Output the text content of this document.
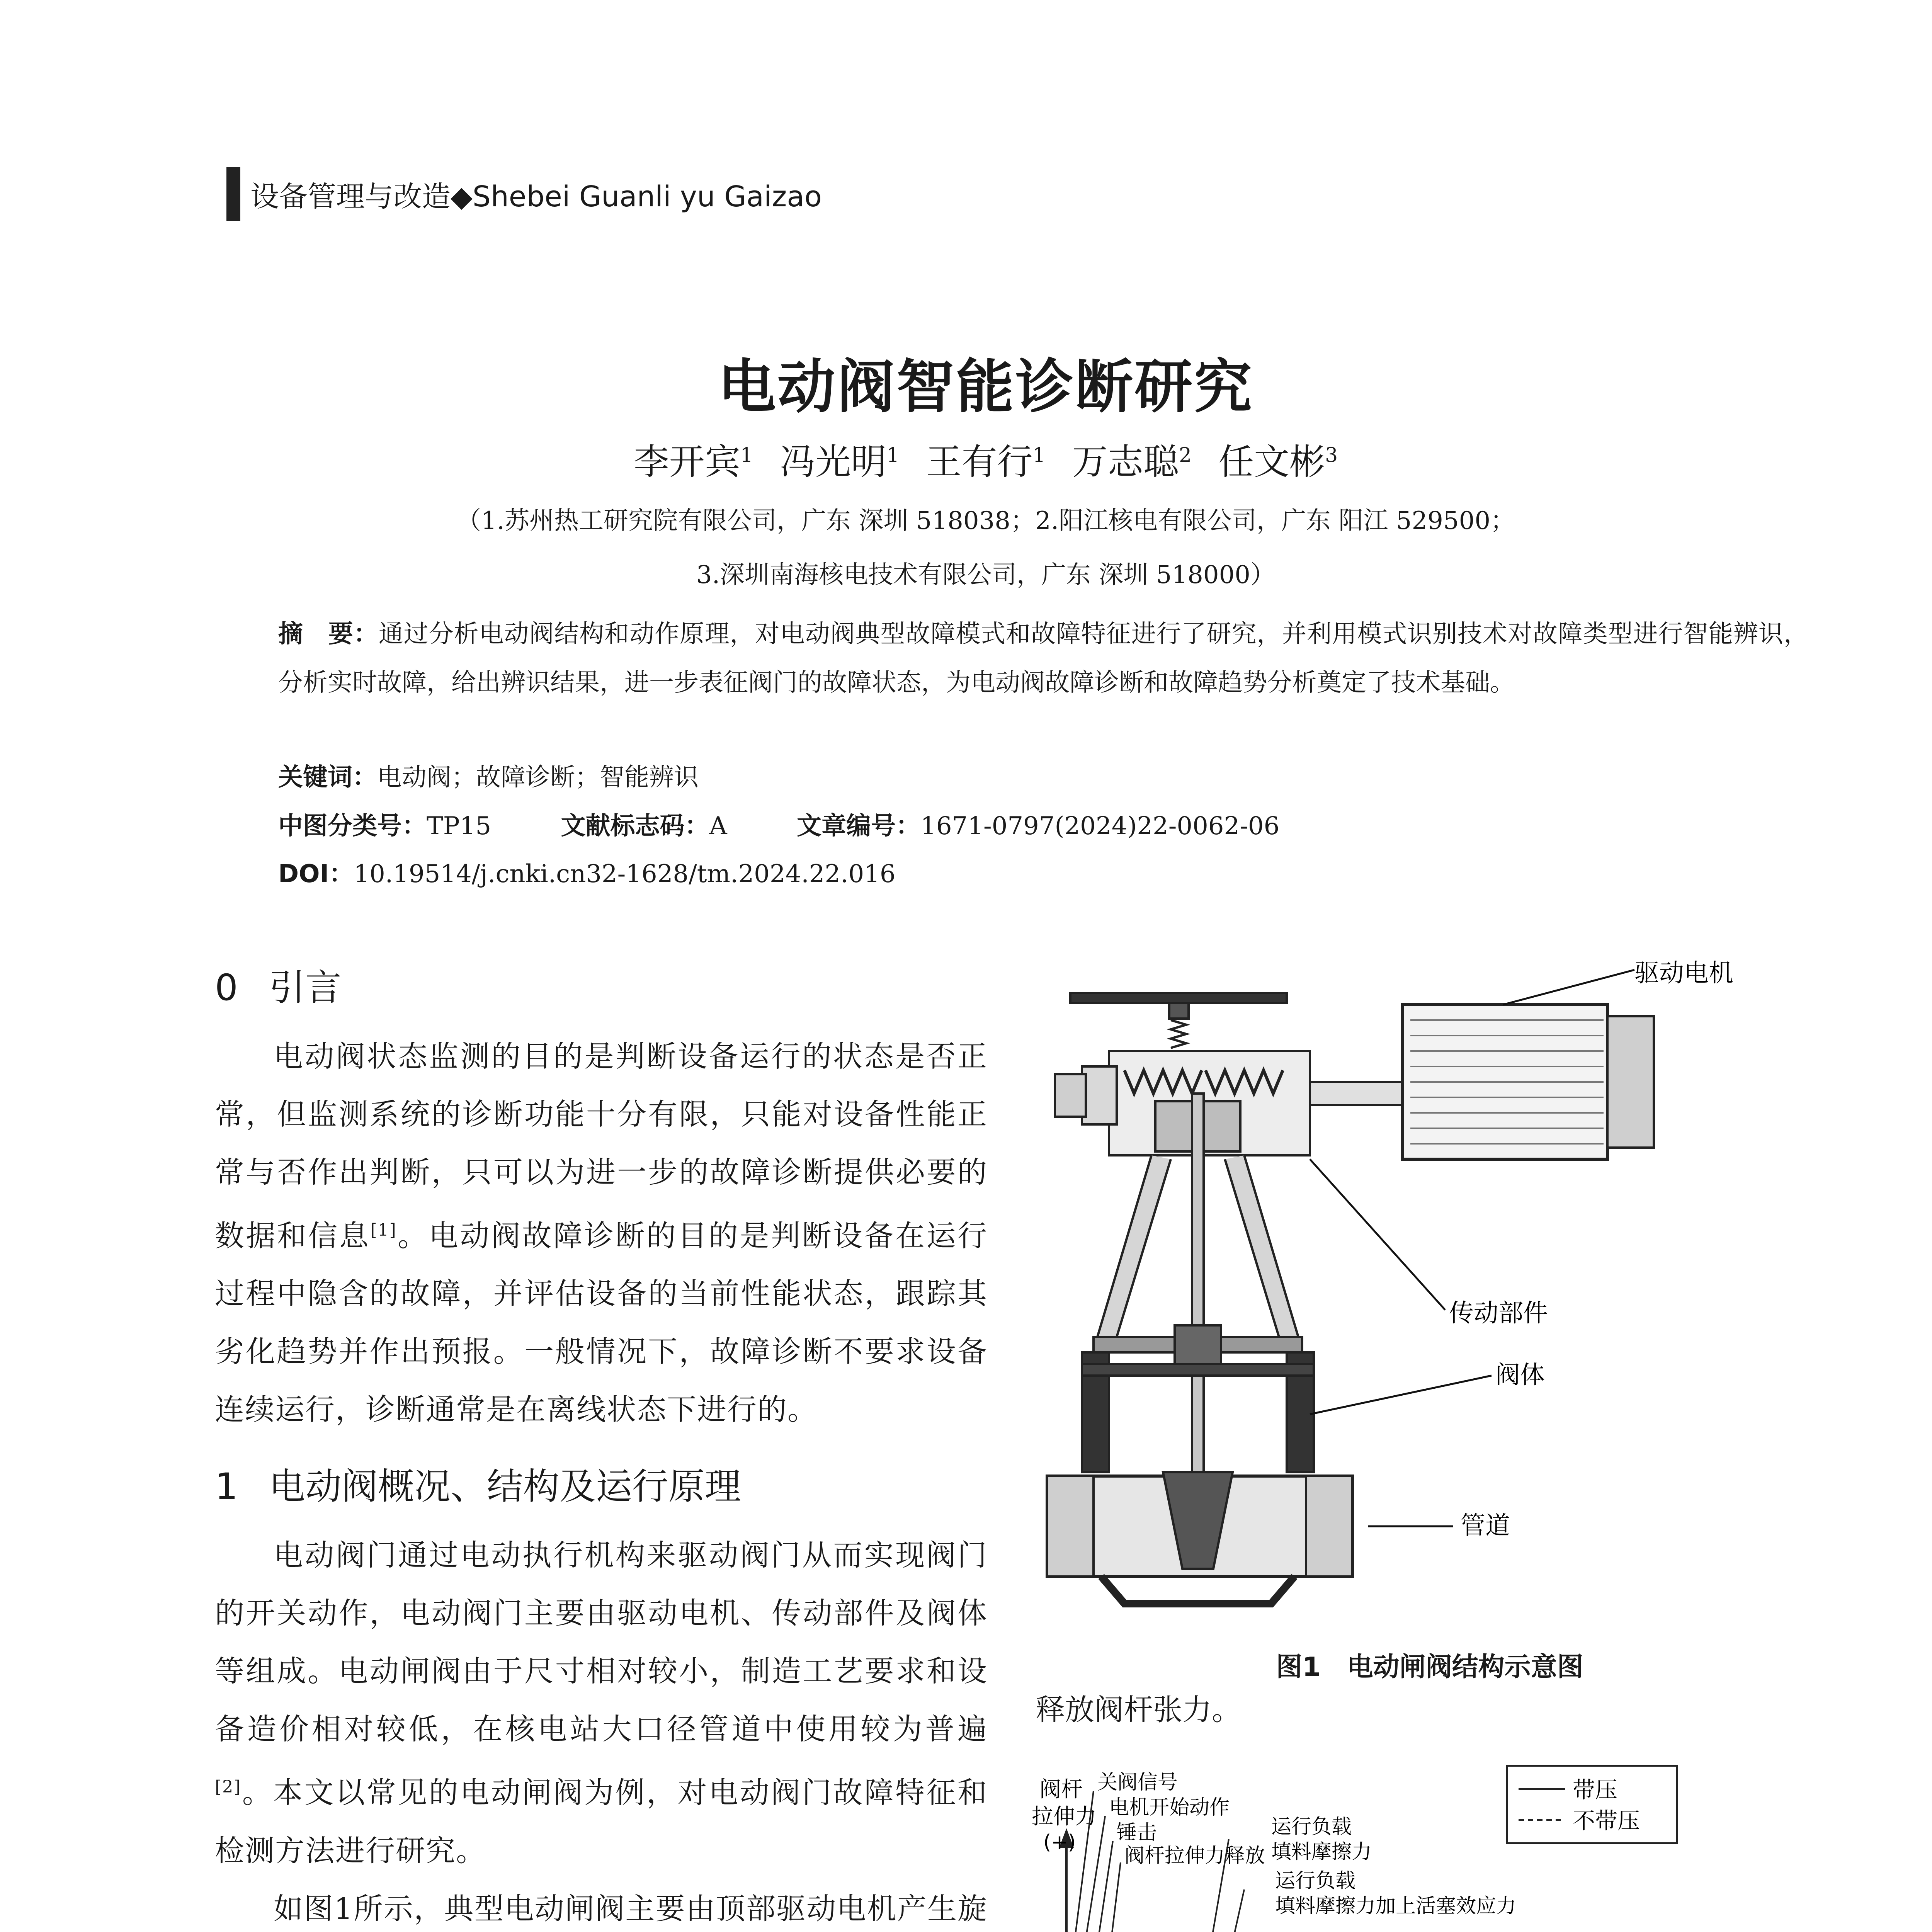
设备管理与改造◆Shebei Guanli yu Gaizao
电动阀智能诊断研究
李开宾$^1$ 冯光明$^1$ 王有行$^1$ 万志聪$^2$ 任文彬$^3$
（1.苏州热工研究院有限公司，广东 深圳 518038；2.阳江核电有限公司，广东 阳江 529500；
3.深圳南海核电技术有限公司，广东 深圳 518000）
摘　要：通过分析电动阀结构和动作原理，对电动阀典型故障模式和故障特征进行了研究，并利用模式识别技术对故障类型进行智能辨识，分析实时故障，给出辨识结果，进一步表征阀门的故障状态，为电动阀故障诊断和故障趋势分析奠定了技术基础。
关键词：电动阀；故障诊断；智能辨识
中图分类号：TP15	文献标志码：A	文章编号：1671-0797(2024)22-0062-06
DOI：10.19514/j.cnki.cn32-1628/tm.2024.22.016
0 引言

电动阀状态监测的目的是判断设备运行的状态是否正常，但监测系统的诊断功能十分有限，只能对设备性能正常与否作出判断，只可以为进一步的故障诊断提供必要的数据和信息[1]。电动阀故障诊断的目的是判断设备在运行过程中隐含的故障，并评估设备的当前性能状态，跟踪其劣化趋势并作出预报。一般情况下，故障诊断不要求设备连续运行，诊断通常是在离线状态下进行的。

1 电动阀概况、结构及运行原理

电动阀门通过电动执行机构来驱动阀门从而实现阀门的开关动作，电动阀门主要由驱动电机、传动部件及阀体等组成。电动闸阀由于尺寸相对较小，制造工艺要求和设备造价相对较低，在核电站大口径管道中使用较为普遍[2]。本文以常见的电动闸阀为例，对电动阀门故障特征和检测方法进行研究。

如图1所示，典型电动闸阀主要由顶部驱动电机产生旋

驱动电机
传动部件
阀体
管道
图1　电动闸阀结构示意图
释放阀杆张力。
带压
不带压
阀杆
拉伸力
(+)
关阀信号
电机开始动作
锤击
阀杆拉伸力释放
运行负载
填料摩擦力
运行负载
填料摩擦力加上活塞效应力
